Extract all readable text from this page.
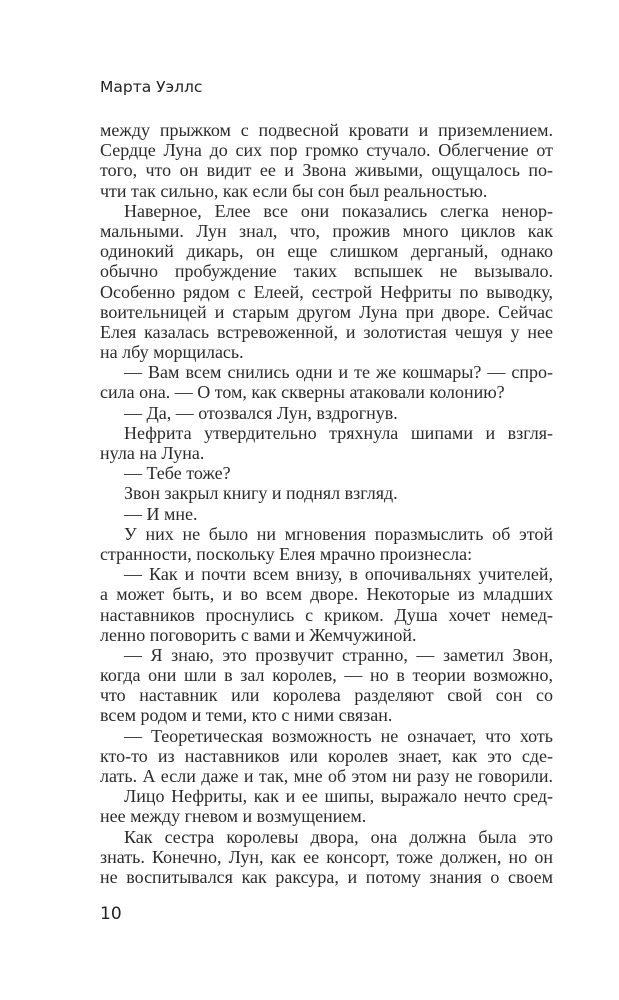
Марта Уэллс
между прыжком с подвесной кровати и приземлением.
Сердце Луна до сих пор громко стучало. Облегчение от
того, что он видит ее и Звона живыми, ощущалось по-
чти так сильно, как если бы сон был реальностью.
Наверное, Елее все они показались слегка ненор-
мальными. Лун знал, что, прожив много циклов как
одинокий дикарь, он еще слишком дерганый, однако
обычно пробуждение таких вспышек не вызывало.
Особенно рядом с Елеей, сестрой Нефриты по выводку,
воительницей и старым другом Луна при дворе. Сейчас
Елея казалась встревоженной, и золотистая чешуя у нее
на лбу морщилась.
— Вам всем снились одни и те же кошмары? — спро-
сила она. — О том, как скверны атаковали колонию?
— Да, — отозвался Лун, вздрогнув.
Нефрита утвердительно тряхнула шипами и взгля-
нула на Луна.
— Тебе тоже?
Звон закрыл книгу и поднял взгляд.
— И мне.
У них не было ни мгновения поразмыслить об этой
странности, поскольку Елея мрачно произнесла:
— Как и почти всем внизу, в опочивальнях учителей,
а может быть, и во всем дворе. Некоторые из младших
наставников проснулись с криком. Душа хочет немед-
ленно поговорить с вами и Жемчужиной.
— Я знаю, это прозвучит странно, — заметил Звон,
когда они шли в зал королев, — но в теории возможно,
что наставник или королева разделяют свой сон со
всем родом и теми, кто с ними связан.
— Теоретическая возможность не означает, что хоть
кто-то из наставников или королев знает, как это сде-
лать. А если даже и так, мне об этом ни разу не говорили.
Лицо Нефриты, как и ее шипы, выражало нечто сред-
нее между гневом и возмущением.
Как сестра королевы двора, она должна была это
знать. Конечно, Лун, как ее консорт, тоже должен, но он
не воспитывался как раксура, и потому знания о своем
10
